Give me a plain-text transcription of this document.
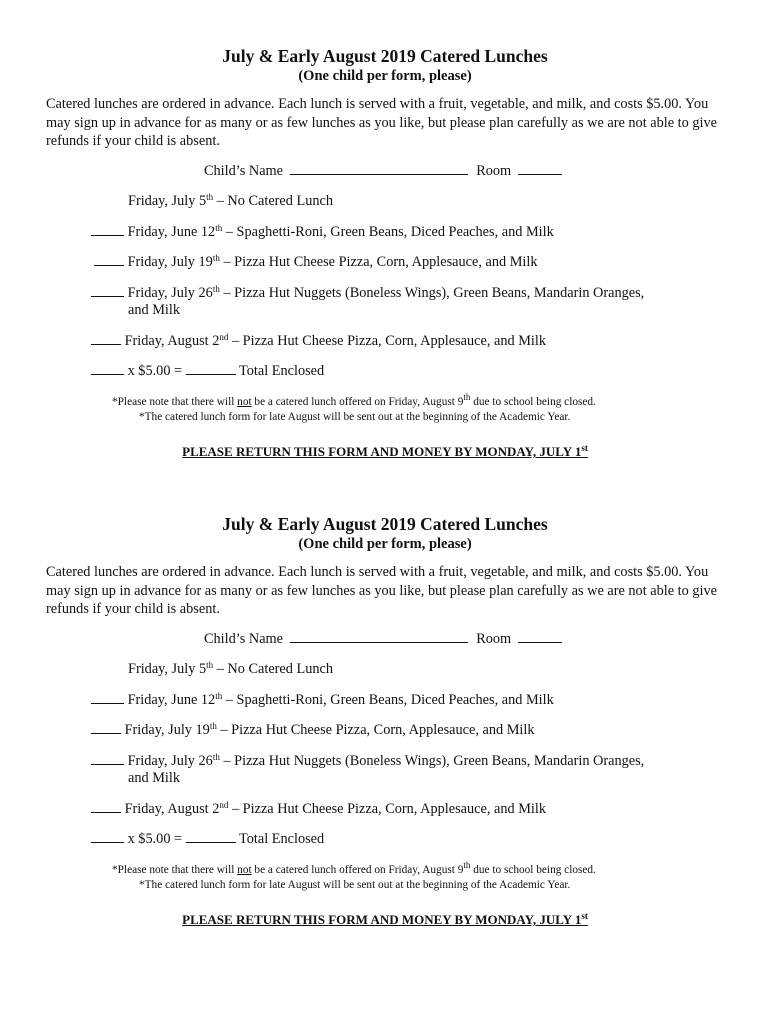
July & Early August 2019 Catered Lunches
(One child per form, please)
Catered lunches are ordered in advance. Each lunch is served with a fruit, vegetable, and milk, and costs $5.00. You may sign up in advance for as many or as few lunches as you like, but please plan carefully as we are not able to give refunds if your child is absent.
Child’s Name	Room
Friday, July 5th – No Catered Lunch
Friday, June 12th – Spaghetti-Roni, Green Beans, Diced Peaches, and Milk
Friday, July 19th – Pizza Hut Cheese Pizza, Corn, Applesauce, and Milk
Friday, July 26th – Pizza Hut Nuggets (Boneless Wings), Green Beans, Mandarin Oranges,
and Milk
Friday, August 2nd – Pizza Hut Cheese Pizza, Corn, Applesauce, and Milk
x $5.00 =	Total Enclosed
*Please note that there will not be a catered lunch offered on Friday, August 9th due to school being closed.
*The catered lunch form for late August will be sent out at the beginning of the Academic Year.
PLEASE RETURN THIS FORM AND MONEY BY MONDAY, JULY 1st
July & Early August 2019 Catered Lunches
(One child per form, please)
Catered lunches are ordered in advance. Each lunch is served with a fruit, vegetable, and milk, and costs $5.00. You may sign up in advance for as many or as few lunches as you like, but please plan carefully as we are not able to give refunds if your child is absent.
Child’s Name	Room
Friday, July 5th – No Catered Lunch
Friday, June 12th – Spaghetti-Roni, Green Beans, Diced Peaches, and Milk
Friday, July 19th – Pizza Hut Cheese Pizza, Corn, Applesauce, and Milk
Friday, July 26th – Pizza Hut Nuggets (Boneless Wings), Green Beans, Mandarin Oranges,
and Milk
Friday, August 2nd – Pizza Hut Cheese Pizza, Corn, Applesauce, and Milk
x $5.00 =	Total Enclosed
*Please note that there will not be a catered lunch offered on Friday, August 9th due to school being closed.
*The catered lunch form for late August will be sent out at the beginning of the Academic Year.
PLEASE RETURN THIS FORM AND MONEY BY MONDAY, JULY 1st
